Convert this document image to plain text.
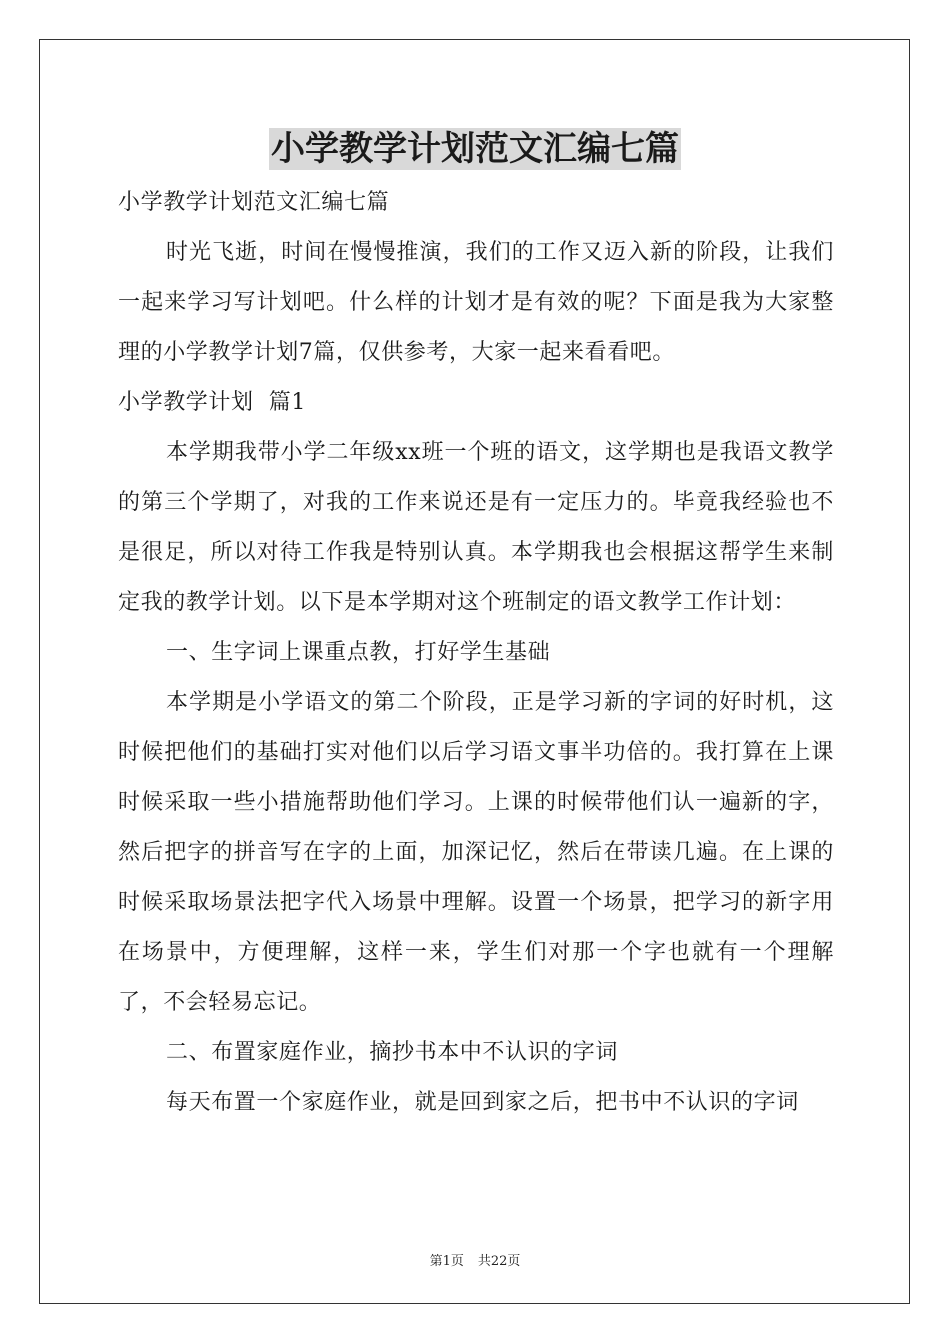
小学教学计划范文汇编七篇

小学教学计划范文汇编七篇

时光飞逝，时间在慢慢推演，我们的工作又迈入新的阶段，让我们一起来学习写计划吧。什么样的计划才是有效的呢？下面是我为大家整理的小学教学计划7篇，仅供参考，大家一起来看看吧。

小学教学计划  篇1

本学期我带小学二年级xx班一个班的语文，这学期也是我语文教学的第三个学期了，对我的工作来说还是有一定压力的。毕竟我经验也不是很足，所以对待工作我是特别认真。本学期我也会根据这帮学生来制定我的教学计划。以下是本学期对这个班制定的语文教学工作计划：

一、生字词上课重点教，打好学生基础

本学期是小学语文的第二个阶段，正是学习新的字词的好时机，这时候把他们的基础打实对他们以后学习语文事半功倍的。我打算在上课时候采取一些小措施帮助他们学习。上课的时候带他们认一遍新的字，然后把字的拼音写在字的上面，加深记忆，然后在带读几遍。在上课的时候采取场景法把字代入场景中理解。设置一个场景，把学习的新字用在场景中，方便理解，这样一来，学生们对那一个字也就有一个理解了，不会轻易忘记。

二、布置家庭作业，摘抄书本中不认识的字词

每天布置一个家庭作业，就是回到家之后，把书中不认识的字词

第1页 共22页
